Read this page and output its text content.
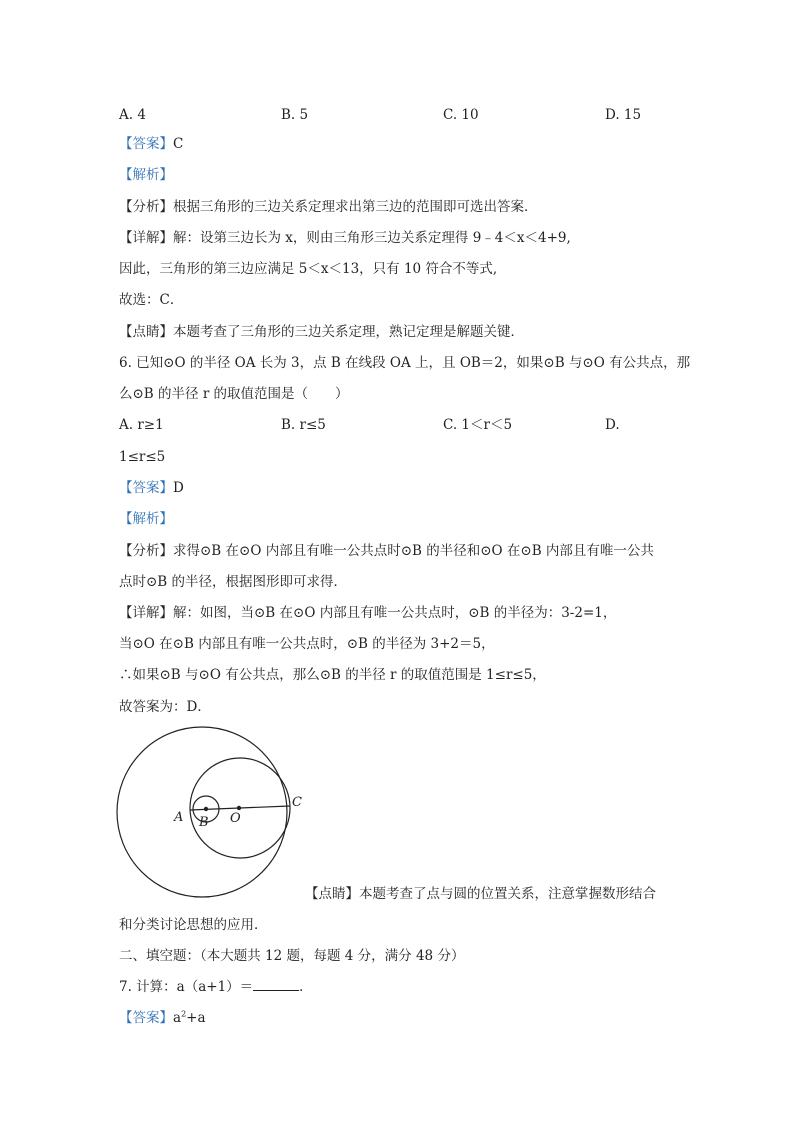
A. 4	B. 5	C. 10	D. 15
【答案】C
【解析】
【分析】根据三角形的三边关系定理求出第三边的范围即可选出答案．
【详解】解：设第三边长为 x，则由三角形三边关系定理得 9﹣4＜x＜4+9,
因此，三角形的第三边应满足 5＜x＜13，只有 10 符合不等式,
故选：C．
【点睛】本题考查了三角形的三边关系定理，熟记定理是解题关键．
6. 已知⊙O 的半径 OA 长为 3，点 B 在线段 OA 上，且 OB＝2，如果⊙B 与⊙O 有公共点，那
么⊙B 的半径 r 的取值范围是（　　）
A. r≥1	B. r≤5	C. 1＜r＜5	D.
1≤r≤5
【答案】D
【解析】
【分析】求得⊙B 在⊙O 内部且有唯一公共点时⊙B 的半径和⊙O 在⊙B 内部且有唯一公共
点时⊙B 的半径，根据图形即可求得．
【详解】解：如图，当⊙B 在⊙O 内部且有唯一公共点时，⊙B 的半径为：3-2=1，
当⊙O 在⊙B 内部且有唯一公共点时，⊙B 的半径为 3+2＝5，
∴如果⊙B 与⊙O 有公共点，那么⊙B 的半径 r 的取值范围是 1≤r≤5，
故答案为：D．
A B O
C
【点睛】本题考查了点与圆的位置关系，注意掌握数形结合
和分类讨论思想的应用．
二、填空题：（本大题共 12 题，每题 4 分，满分 48 分）
7. 计算：a（a+1）＝	．
【答案】$a^2+a$
